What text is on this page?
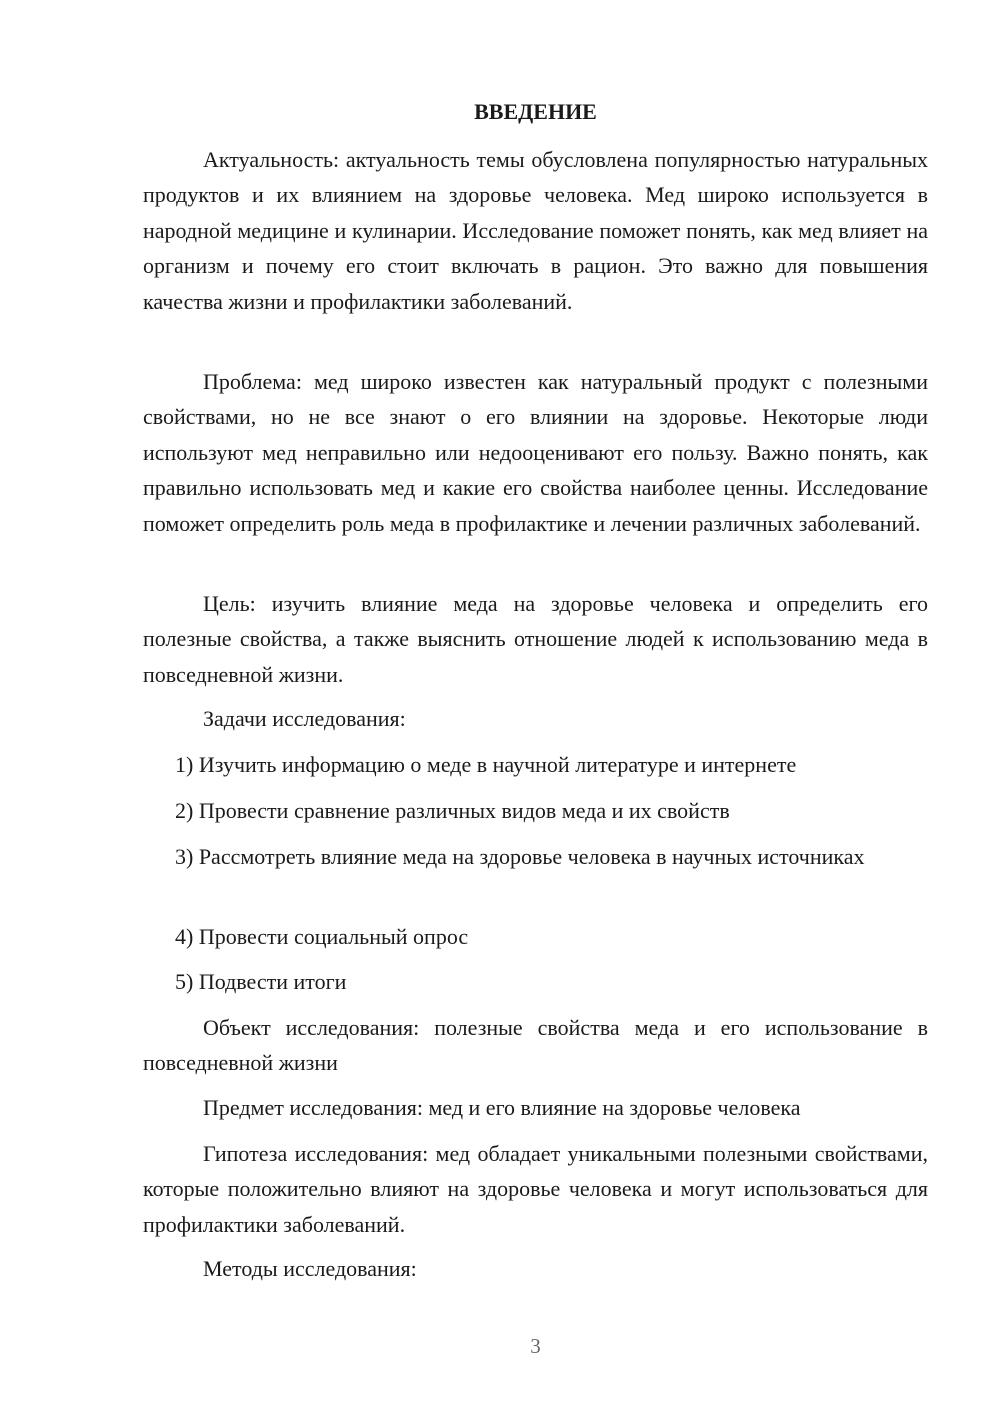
ВВЕДЕНИЕ

Актуальность: актуальность темы обусловлена популярностью натуральных продуктов и их влиянием на здоровье человека. Мед широко используется в народной медицине и кулинарии. Исследование поможет понять, как мед влияет на организм и почему его стоит включать в рацион. Это важно для повышения качества жизни и профилактики заболеваний.

Проблема: мед широко известен как натуральный продукт с полезными свойствами, но не все знают о его влиянии на здоровье. Некоторые люди используют мед неправильно или недооценивают его пользу. Важно понять, как правильно использовать мед и какие его свойства наиболее ценны. Исследование поможет определить роль меда в профилактике и лечении различных заболеваний.

Цель: изучить влияние меда на здоровье человека и определить его полезные свойства, а также выяснить отношение людей к использованию меда в повседневной жизни.

Задачи исследования:

1) Изучить информацию о меде в научной литературе и интернете

2) Провести сравнение различных видов меда и их свойств

3) Рассмотреть влияние меда на здоровье человека в научных источниках

4) Провести социальный опрос

5) Подвести итоги

Объект исследования: полезные свойства меда и его использование в повседневной жизни

Предмет исследования: мед и его влияние на здоровье человека

Гипотеза исследования: мед обладает уникальными полезными свойствами, которые положительно влияют на здоровье человека и могут использоваться для профилактики заболеваний.

Методы исследования:

3
